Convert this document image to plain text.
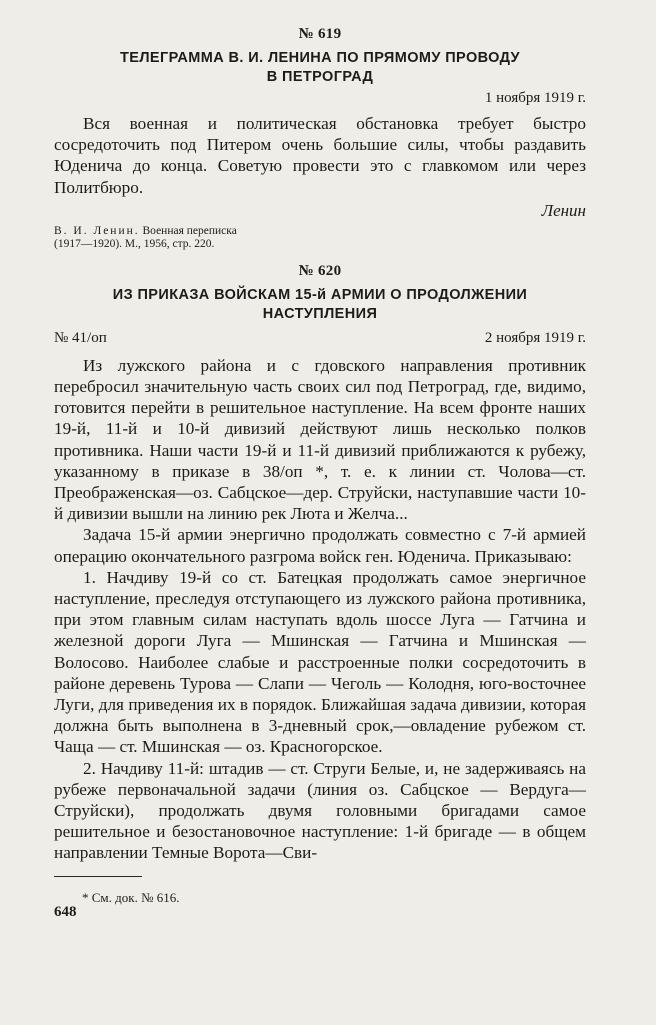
№ 619

ТЕЛЕГРАММА В. И. ЛЕНИНА ПО ПРЯМОМУ ПРОВОДУ

В ПЕТРОГРАД

1 ноября 1919 г.

Вся военная и политическая обстановка требует быстро сосредоточить под Питером очень большие силы, чтобы раздавить Юденича до конца. Советую провести это с главкомом или через Политбюро.

Ленин

В. И. Ленин. Военная переписка
(1917—1920). М., 1956, стр. 220.

№ 620

ИЗ ПРИКАЗА ВОЙСКАМ 15-й АРМИИ О ПРОДОЛЖЕНИИ

НАСТУПЛЕНИЯ

№ 41/оп	2 ноября 1919 г.

Из лужского района и с гдовского направления противник перебросил значительную часть своих сил под Петроград, где, видимо, готовится перейти в решительное наступление. На всем фронте наших 19-й, 11-й и 10-й дивизий действуют лишь несколько полков противника. Наши части 19-й и 11-й дивизий приближаются к рубежу, указанному в приказе в 38/оп *, т. е. к линии ст. Чолова—ст. Преображенская—оз. Сабцское—дер. Струйски, наступавшие части 10-й дивизии вышли на линию рек Люта и Желча...

Задача 15-й армии энергично продолжать совместно с 7-й армией операцию окончательного разгрома войск ген. Юденича. Приказываю:

1. Начдиву 19-й со ст. Батецкая продолжать самое энергичное наступление, преследуя отступающего из лужского района противника, при этом главным силам наступать вдоль шоссе Луга — Гатчина и железной дороги Луга — Мшинская — Гатчина и Мшинская — Волосово. Наиболее слабые и расстроенные полки сосредоточить в районе деревень Турова — Слапи — Чеголь — Колодня, юго-восточнее Луги, для приведения их в порядок. Ближайшая задача дивизии, которая должна быть выполнена в 3-дневный срок,—овладение рубежом ст. Чаща — ст. Мшинская — оз. Красногорское.

2. Начдиву 11-й: штадив — ст. Струги Белые, и, не задерживаясь на рубеже первоначальной задачи (линия оз. Сабцское — Вердуга—Струйски), продолжать двумя головными бригадами самое решительное и безостановочное наступление: 1-й бригаде — в общем направлении Темные Ворота—Сви-

* См. док. № 616.

648
